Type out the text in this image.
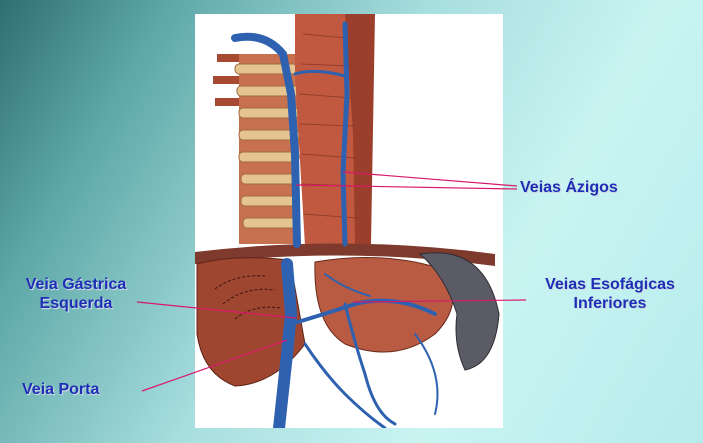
Veias Ázigos
Veias Esofágicas
Inferiores
Veia Gástrica
Esquerda
Veia Porta
